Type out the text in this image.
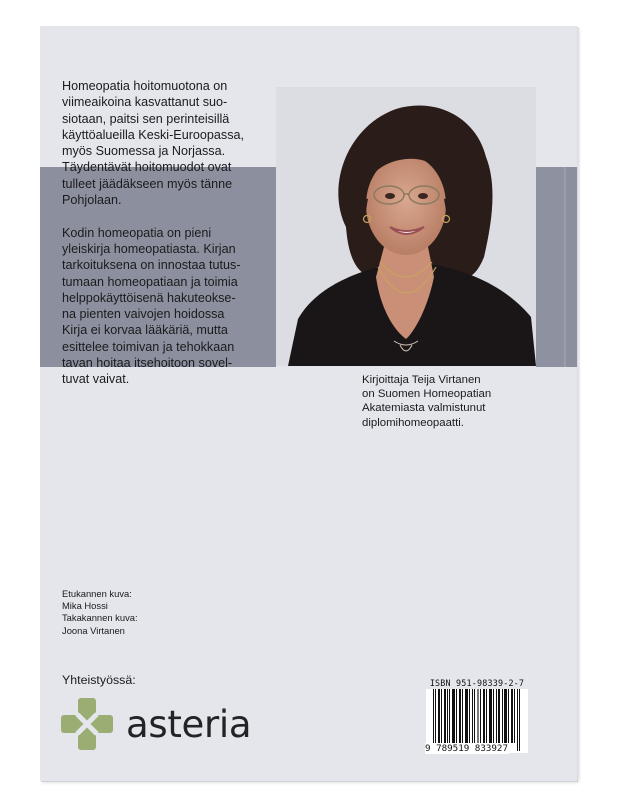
Homeopatia hoitomuotona on
viimeaikoina kasvattanut suo-
siotaan, paitsi sen perinteisillä
käyttöalueilla Keski-Euroopassa,
myös Suomessa ja Norjassa.
Täydentävät hoitomuodot ovat
tulleet jäädäkseen myös tänne
Pohjolaan.

Kodin homeopatia on pieni
yleiskirja homeopatiasta. Kirjan
tarkoituksena on innostaa tutus-
tumaan homeopatiaan ja toimia
helppokäyttöisenä hakuteokse-
na pienten vaivojen hoidossa
Kirja ei korvaa lääkäriä, mutta
esittelee toimivan ja tehokkaan
tavan hoitaa itsehoitoon sovel-
tuvat vaivat.	Kirjoittaja Teija Virtanen
on Suomen Homeopatian
Akatemiasta valmistunut
diplomihomeopaatti.
Etukannen kuva:
Mika Hossi
Takakannen kuva:
Joona Virtanen
Yhteistyössä:
asteria
ISBN 951-98339-2-7
9 789519 833927
